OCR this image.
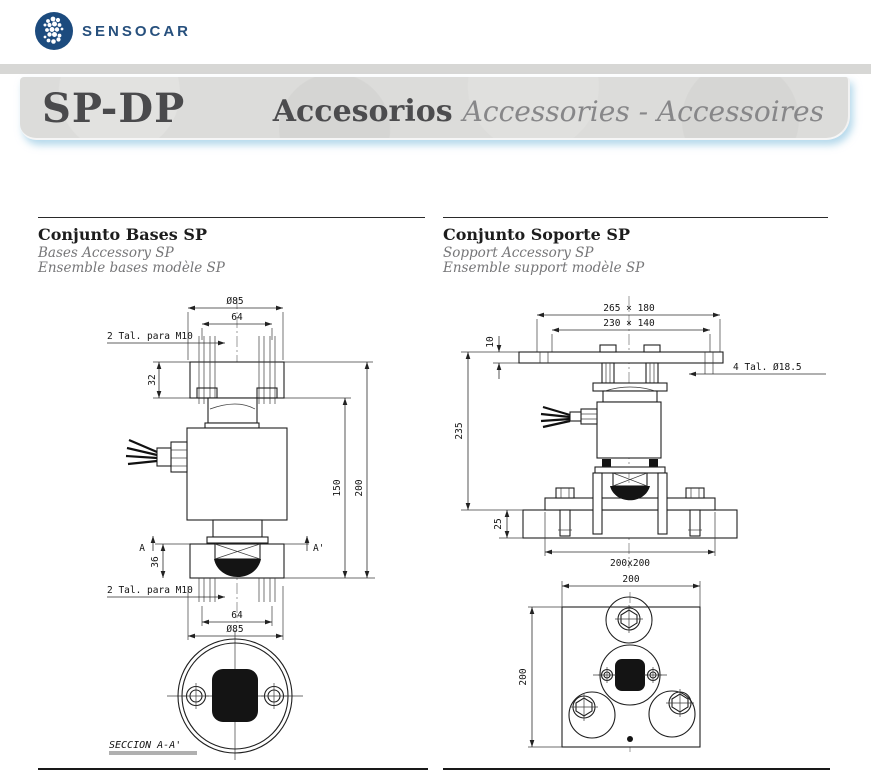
SENSOCAR
SP-DP	Accesorios Accessories - Accessoires

Conjunto Bases SP

Bases Accessory SP

Ensemble bases modèle SP

Conjunto Soporte SP

Sopport Accessory SP

Ensemble support modèle SP

Ø85
64
2 Tal. para M10
32
A	A'
36
2 Tal. para M10
64
Ø85
150 200
SECCION A-A'
265 × 180
230 × 140
10
4 Tal. Ø18.5
235
25
200x200
200
200
